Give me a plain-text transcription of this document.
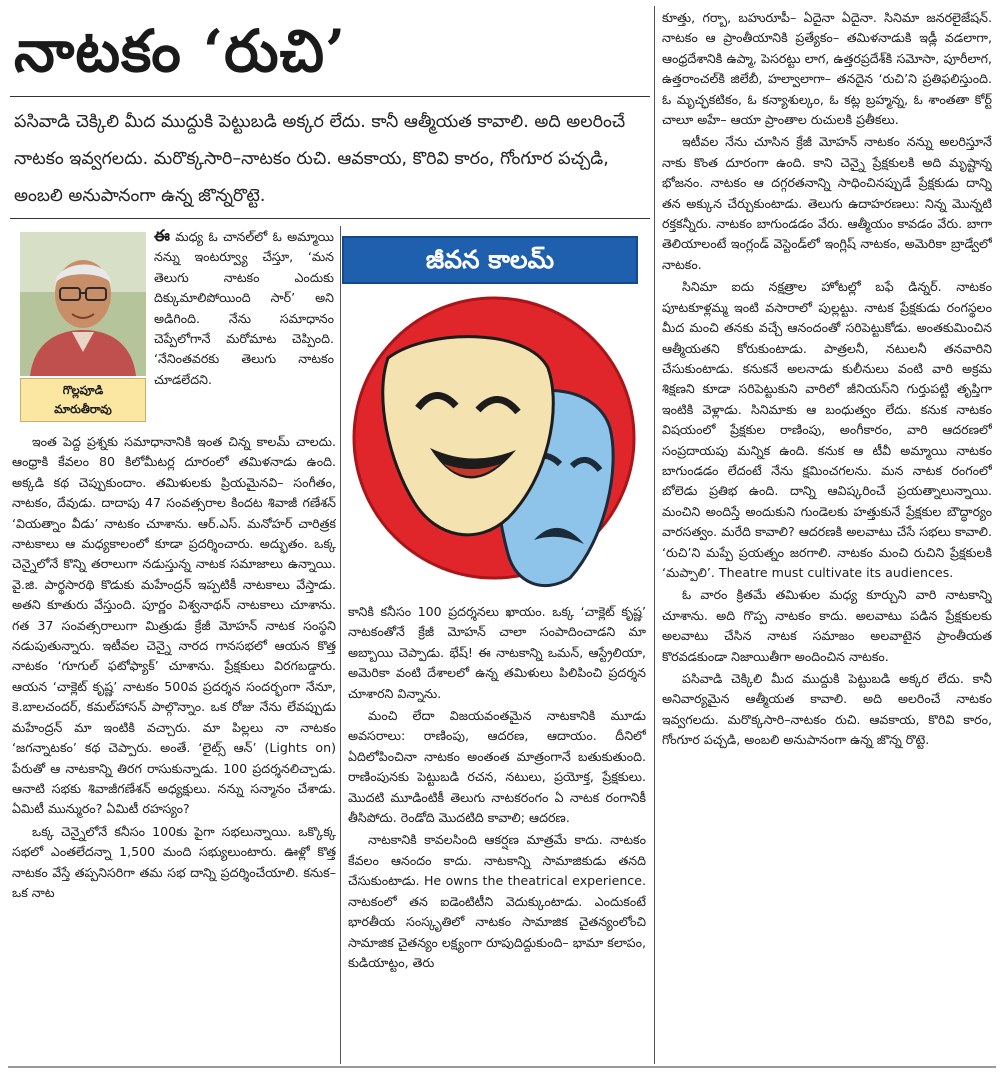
నాటకం ‘రుచి’
పసివాడి చెక్కిలి మీద ముద్దుకి పెట్టుబడి అక్కర లేదు. కానీ ఆత్మీయత కావాలి. అది అలరించే నాటకం ఇవ్వగలదు. మరొక్కసారి–నాటకం రుచి. ఆవకాయ, కొరివి కారం, గోంగూర పచ్చడి, అంబలి అనుపానంగా ఉన్న జొన్నరొట్టె.
గొల్లపూడి
మారుతీరావు

ఈ మధ్య ఓ చానల్‌లో ఓ అమ్మాయి నన్ను ఇంటర్వ్యూ చేస్తూ, ‘మన తెలుగు నాటకం ఎందుకు దిక్కుమాలిపోయింది సార్’ అని అడిగింది. నేను సమాధానం చెప్పేలోగానే మరోమాట చెప్పింది. ‘నేనింతవరకు తెలుగు నాటకం చూడలేదని.

ఇంత పెద్ద ప్రశ్నకు సమాధానానికి ఇంత చిన్న కాలమ్ చాలదు. ఆంధ్రాకి కేవలం 80 కిలోమీటర్ల దూరంలో తమిళనాడు ఉంది. అక్కడి కథ చెప్పుకుందాం. తమిళులకు ప్రియమైనవి– సంగీతం, నాటకం, దేవుడు. దాదాపు 47 సంవత్సరాల కిందట శివాజీ గణేశన్ ‘వియత్నాం వీడు’ నాటకం చూశాను. ఆర్.ఎస్. మనోహర్ చారిత్రక నాటకాలు ఆ మధ్యకాలంలో కూడా ప్రదర్శించారు. అద్భుతం. ఒక్క చెన్నైలోనే కొన్ని తరాలుగా నడుస్తున్న నాటక సమాజాలు ఉన్నాయి. వై.జి. పార్థసారథి కొడుకు మహేంద్రన్ ఇప్పటికీ నాటకాలు వేస్తాడు. అతని కూతురు వేస్తుంది. పూర్ణం విశ్వనాథన్ నాటకాలు చూశాను. గత 37 సంవత్సరాలుగా మిత్రుడు క్రేజీ మోహన్ నాటక సంస్థని నడుపుతున్నారు. ఇటీవల చెన్నై నారద గానసభలో ఆయన కొత్త నాటకం ‘గూగుల్ ఫటోఫ్యాక్’ చూశాను. ప్రేక్షకులు విరగబడ్డారు. ఆయన ‘చాక్లెట్ కృష్ణ’ నాటకం 500వ ప్రదర్శన సందర్భంగా నేనూ, కె.బాలచందర్, కమల్‌హాసన్ పాల్గొన్నాం. ఒక రోజు నేను లేవప్పుడు మహేంద్రన్ మా ఇంటికి వచ్చారు. మా పిల్లలు నా నాటకం ‘జగన్నాటకం’ కథ చెప్పారు. అంతే. ‘లైట్స్ ఆన్’ (Lights on) పేరుతో ఆ నాటకాన్ని తిరగ రాసుకున్నాడు. 100 ప్రదర్శనలిచ్చాడు. ఆనాటి సభకు శివాజీగణేశన్ అధ్యక్షులు. నన్ను సన్మానం చేశాడు. ఏమిటీ మున్మురం? ఏమిటీ రహస్యం?

ఒక్క చెన్నైలోనే కనీసం 100కు పైగా సభలున్నాయి. ఒక్కొక్క సభలో ఎంతలేదన్నా 1,500 మంది సభ్యులుంటారు. ఊళ్లో కొత్త నాటకం వేస్తే తప్పనిసరిగా తమ సభ దాన్ని ప్రదర్శించేయాలి. కనుక– ఒక నాట

జీవన కాలమ్

కానికి కనీసం 100 ప్రదర్శనలు ఖాయం. ఒక్క ‘చాక్లెట్ కృష్ణ’ నాటకంతోనే క్రేజీ మోహన్ చాలా సంపాదించాడని మా అబ్బాయి చెప్పాడు. భేష్! ఈ నాటకాన్ని ఒమన్, ఆస్ట్రేలియా, అమెరికా వంటి దేశాలలో ఉన్న తమిళులు పిలిపించి ప్రదర్శన చూశారని విన్నాను.

మంచి లేదా విజయవంతమైన నాటకానికి మూడు అవసరాలు: రాణింపు, ఆదరణ, ఆదాయం. దీనిలో ఏదిలోపించినా నాటకం అంతంత మాత్రంగానే బతుకుతుంది. రాణింపునకు పెట్టుబడి రచన, నటులు, ప్రయోక్త, ప్రేక్షకులు. మొదటి మూడింటికీ తెలుగు నాటకరంగం ఏ నాటక రంగానికీ తీసిపోదు. రెండోది మొదటిది కావాలి; ఆదరణ.

నాటకానికి కావలసింది ఆకర్షణ మాత్రమే కాదు. నాటకం కేవలం ఆనందం కాదు. నాటకాన్ని సామాజికుడు తనది చేసుకుంటాడు. He owns the theatrical experience. నాటకంలో తన ఐడెంటిటీని వెదుక్కుంటాడు. ఎందుకంటే భారతీయ సంస్కృతిలో నాటకం సామాజిక చైతన్యంలోంచి సామాజిక చైతన్యం లక్ష్యంగా రూపుదిద్దుకుంది– భామా కలాపం, కుడియాట్టం, తెరు

కూత్తు, గర్బా, బహురూపీ– ఏదైనా ఏదైనా. సినిమా జనరలైజేషన్. నాటకం ఆ ప్రాంతీయానికి ప్రత్యేకం– తమిళనాడుకి ఇడ్లీ వడలాగా, ఆంధ్రదేశానికి ఉప్మా, పెసరట్టు లాగ, ఉత్తరప్రదేశ్‌కి సమోసా, పూరీలాగ, ఉత్తరాంచల్‌కి జిలేబీ, హల్వాలాగా– తనదైన ‘రుచి’ని ప్రతిఫలిస్తుంది. ఓ మృచ్ఛకటికం, ఓ కన్యాశుల్కం, ఓ కట్ల బ్రహ్మన్న, ఓ శాంతతా కోర్ట్ చాలూ అహే– ఆయా ప్రాంతాల రుచులకి ప్రతీకలు.

ఇటీవల నేను చూసిన క్రేజీ మోహన్ నాటకం నన్ను అలరిస్తూనే నాకు కొంత దూరంగా ఉంది. కాని చెన్నై ప్రేక్షకులకి అది మృష్టాన్న భోజనం. నాటకం ఆ దగ్గరతనాన్ని సాధించినప్పుడే ప్రేక్షకుడు దాన్ని తన అక్కున చేర్చుకుంటాడు. తెలుగు ఉదాహరణలు: నిన్న మొన్నటి రక్తకన్నీరు. నాటకం బాగుండడం వేరు. ఆత్మీయం కావడం వేరు. బాగా తెలియాలంటే ఇంగ్లండ్ వెస్టెండ్‌లో ఇంగ్లిష్ నాటకం, అమెరికా బ్రాడ్వేలో నాటకం.

సినిమా ఐదు నక్షత్రాల హోటల్లో బఫే డిన్నర్. నాటకం పూటకూళ్లమ్మ ఇంటి వసారాలో పుల్లట్టు. నాటక ప్రేక్షకుడు రంగస్థలం మీద మంచి తనకు వచ్చే ఆనందంతో సరిపెట్టుకోడు. అంతకుమించిన ఆత్మీయతని కోరుకుంటాడు. పాత్రలనీ, నటులనీ తనవారిని చేసుకుంటాడు. కనుకనే అలనాడు కులీనులు వంటి వారి అక్రమ శిక్షణని కూడా సరిపెట్టుకుని వారిలో జీనియస్‌ని గుర్తుపట్టి తృప్తిగా ఇంటికి వెళ్లాడు. సినిమాకు ఆ బంధుత్వం లేదు. కనుక నాటకం విషయంలో ప్రేక్షకుల రాణింపు, అంగీకారం, వారి ఆదరణలో సంప్రదాయపు మన్నిక ఉంది. కనుక ఆ టీవీ అమ్మాయి నాటకం బాగుండడం లేదంటే నేను క్షమించగలను. మన నాటక రంగంలో బోలెడు ప్రతిభ ఉంది. దాన్ని ఆవిష్కరించే ప్రయత్నాలున్నాయి. మంచిని అందిస్తే అందుకుని గుండెలకు హత్తుకునే ప్రేక్షకుల బౌద్ధార్యం వారసత్వం. మరేది కావాలి? ఆదరణకి అలవాటు చేసే సభలు కావాలి. ‘రుచి’ని మప్పే ప్రయత్నం జరగాలి. నాటకం మంచి రుచిని ప్రేక్షకులకి ‘మప్పాలి’. Theatre must cultivate its audiences.

ఓ వారం క్రితమే తమిళుల మధ్య కూర్చుని వారి నాటకాన్ని చూశాను. అది గొప్ప నాటకం కాదు. అలవాటు పడిన ప్రేక్షకులకు అలవాటు చేసిన నాటక సమాజం అలవాటైన ప్రాంతీయత కొరవడకుండా నిజాయితీగా అందించిన నాటకం.

పసివాడి చెక్కిలి మీద ముద్దుకి పెట్టుబడి అక్కర లేదు. కానీ అనివార్యమైన ఆత్మీయత కావాలి. అది అలరించే నాటకం ఇవ్వగలదు. మరొక్కసారి–నాటకం రుచి. ఆవకాయ, కొరివి కారం, గోంగూర పచ్చడి, అంబలి అనుపానంగా ఉన్న జొన్న రొట్టె.
